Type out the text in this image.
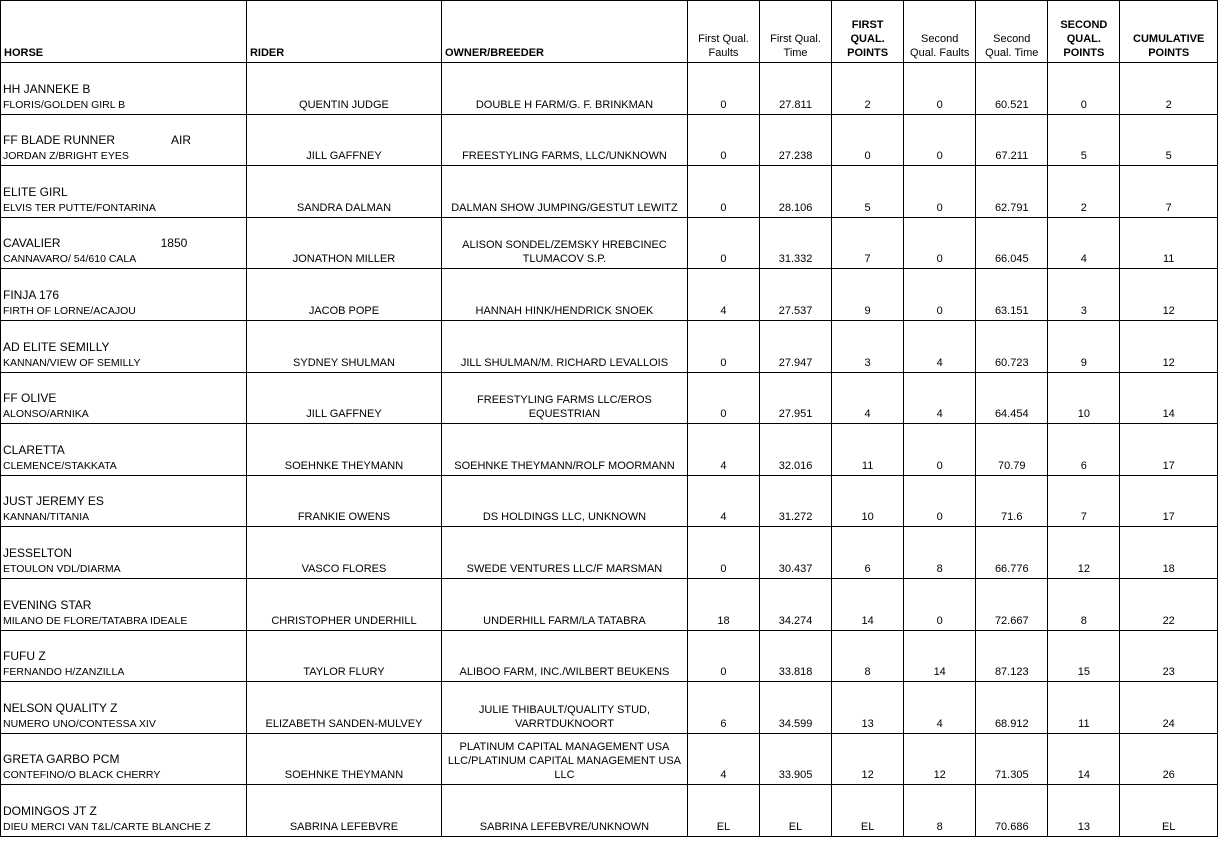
HORSE	RIDER	OWNER/BREEDER	First Qual. Faults	First Qual. Time	FIRST QUAL. POINTS	Second Qual. Faults	Second Qual. Time	SECOND QUAL. POINTS	CUMULATIVE POINTS

HH JANNEKE B
FLORIS/GOLDEN GIRL B	QUENTIN JUDGE	DOUBLE H FARM/G. F. BRINKMAN	0	27.811	2	0	60.521	0	2

FF BLADE RUNNER                 AIR
JORDAN Z/BRIGHT EYES	JILL GAFFNEY	FREESTYLING FARMS, LLC/UNKNOWN	0	27.238	0	0	67.211	5	5

ELITE GIRL
ELVIS TER PUTTE/FONTARINA	SANDRA DALMAN	DALMAN SHOW JUMPING/GESTUT LEWITZ	0	28.106	5	0	62.791	2	7

CAVALIER                              1850
CANNAVARO/ 54/610 CALA	JONATHON MILLER	ALISON SONDEL/ZEMSKY HREBCINEC TLUMACOV S.P.	0	31.332	7	0	66.045	4	11

FINJA 176
FIRTH OF LORNE/ACAJOU	JACOB POPE	HANNAH HINK/HENDRICK SNOEK	4	27.537	9	0	63.151	3	12

AD ELITE SEMILLY
KANNAN/VIEW OF SEMILLY	SYDNEY SHULMAN	JILL SHULMAN/M. RICHARD LEVALLOIS	0	27.947	3	4	60.723	9	12

FF OLIVE
ALONSO/ARNIKA	JILL GAFFNEY	FREESTYLING FARMS LLC/EROS EQUESTRIAN	0	27.951	4	4	64.454	10	14

CLARETTA
CLEMENCE/STAKKATA	SOEHNKE THEYMANN	SOEHNKE THEYMANN/ROLF MOORMANN	4	32.016	11	0	70.79	6	17

JUST JEREMY ES
KANNAN/TITANIA	FRANKIE OWENS	DS HOLDINGS LLC, UNKNOWN	4	31.272	10	0	71.6	7	17

JESSELTON
ETOULON VDL/DIARMA	VASCO FLORES	SWEDE VENTURES LLC/F MARSMAN	0	30.437	6	8	66.776	12	18

EVENING STAR
MILANO DE FLORE/TATABRA IDEALE	CHRISTOPHER UNDERHILL	UNDERHILL FARM/LA TATABRA	18	34.274	14	0	72.667	8	22

FUFU Z
FERNANDO H/ZANZILLA	TAYLOR FLURY	ALIBOO FARM, INC./WILBERT BEUKENS	0	33.818	8	14	87.123	15	23

NELSON QUALITY Z
NUMERO UNO/CONTESSA XIV	ELIZABETH SANDEN-MULVEY	JULIE THIBAULT/QUALITY STUD, VARRTDUKNOORT	6	34.599	13	4	68.912	11	24

GRETA GARBO PCM
CONTEFINO/O BLACK CHERRY	SOEHNKE THEYMANN	PLATINUM CAPITAL MANAGEMENT USA LLC/PLATINUM CAPITAL MANAGEMENT USA LLC	4	33.905	12	12	71.305	14	26

DOMINGOS JT Z
DIEU MERCI VAN T&L/CARTE BLANCHE Z	SABRINA LEFEBVRE	SABRINA LEFEBVRE/UNKNOWN	EL	EL	EL	8	70.686	13	EL
